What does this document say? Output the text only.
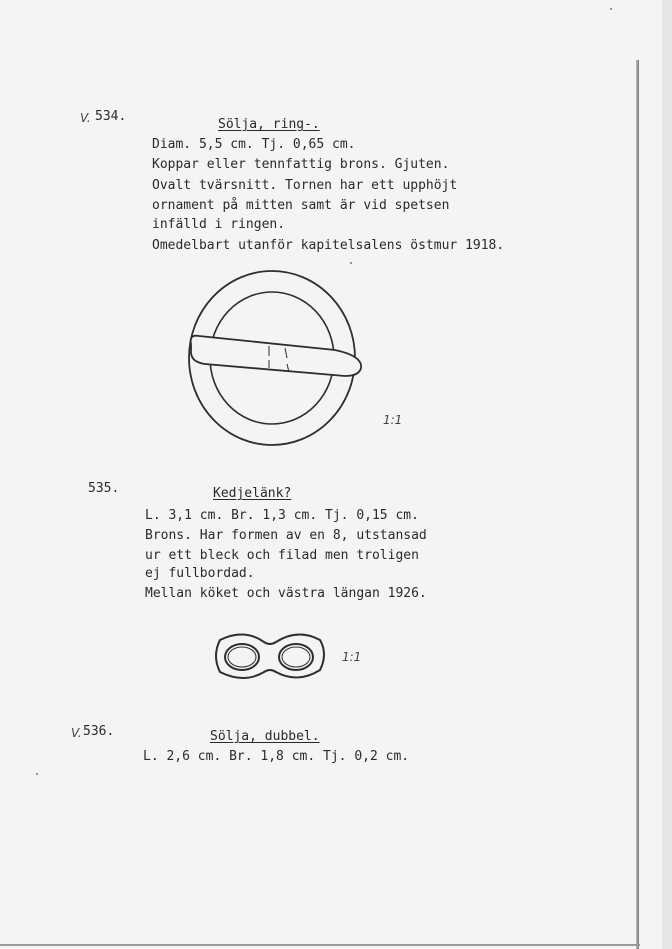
V. 534.
Sölja, ring-.
Diam. 5,5 cm. Tj. 0,65 cm.
Koppar eller tennfattig brons. Gjuten.
Ovalt tvärsnitt. Tornen har ett upphöjt
ornament på mitten samt är vid spetsen
infälld i ringen.
Omedelbart utanför kapitelsalens östmur 1918.
1:1
535.	Kedjelänk?
L. 3,1 cm. Br. 1,3 cm. Tj. 0,15 cm.
Brons. Har formen av en 8, utstansad
ur ett bleck och filad men troligen
ej fullbordad.
Mellan köket och västra längan 1926.
1:1
V. 536.	Sölja, dubbel.
L. 2,6 cm. Br. 1,8 cm. Tj. 0,2 cm.
